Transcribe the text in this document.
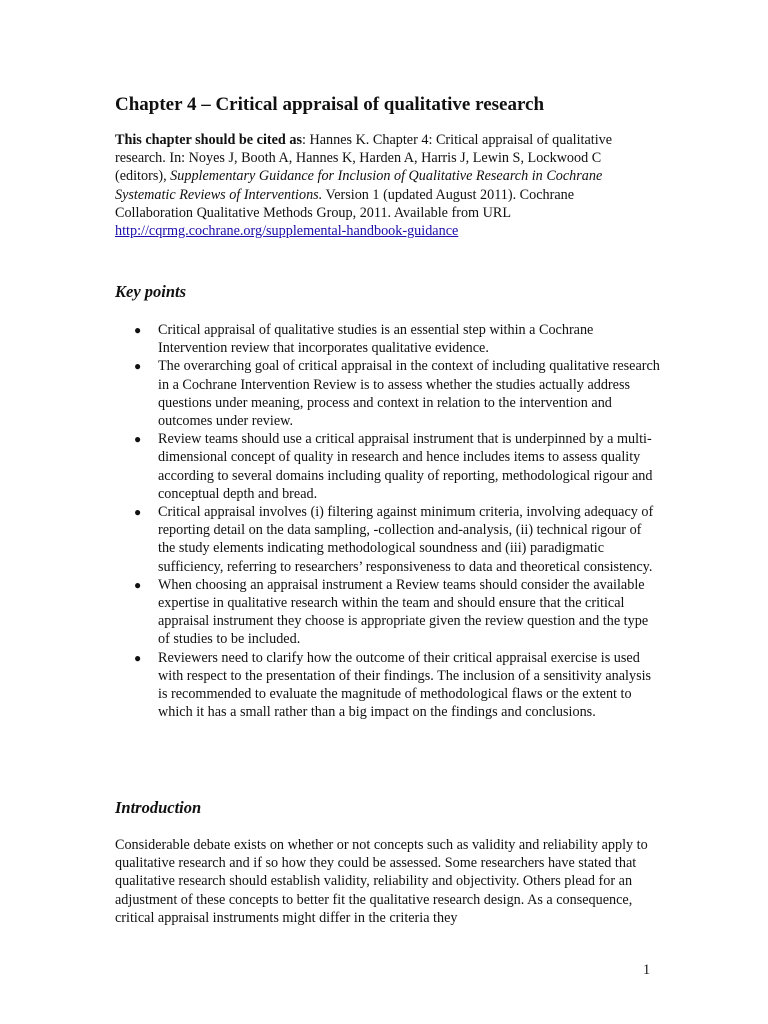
Chapter 4 – Critical appraisal of qualitative research

This chapter should be cited as: Hannes K. Chapter 4: Critical appraisal of qualitative research. In: Noyes J, Booth A, Hannes K, Harden A, Harris J, Lewin S, Lockwood C (editors), Supplementary Guidance for Inclusion of Qualitative Research in Cochrane Systematic Reviews of Interventions. Version 1 (updated August 2011). Cochrane Collaboration Qualitative Methods Group, 2011. Available from URL http://cqrmg.cochrane.org/supplemental-handbook-guidance

Key points
● Critical appraisal of qualitative studies is an essential step within a Cochrane Intervention review that incorporates qualitative evidence.
● The overarching goal of critical appraisal in the context of including qualitative research in a Cochrane Intervention Review is to assess whether the studies actually address questions under meaning, process and context in relation to the intervention and outcomes under review.
● Review teams should use a critical appraisal instrument that is underpinned by a multi-dimensional concept of quality in research and hence includes items to assess quality according to several domains including quality of reporting, methodological rigour and conceptual depth and bread.
● Critical appraisal involves (i) filtering against minimum criteria, involving adequacy of reporting detail on the data sampling, -collection and-analysis, (ii) technical rigour of the study elements indicating methodological soundness and (iii) paradigmatic sufficiency, referring to researchers’ responsiveness to data and theoretical consistency.
● When choosing an appraisal instrument a Review teams should consider the available expertise in qualitative research within the team and should ensure that the critical appraisal instrument they choose is appropriate given the review question and the type of studies to be included.
● Reviewers need to clarify how the outcome of their critical appraisal exercise is used with respect to the presentation of their findings. The inclusion of a sensitivity analysis is recommended to evaluate the magnitude of methodological flaws or the extent to which it has a small rather than a big impact on the findings and conclusions.
Introduction

Considerable debate exists on whether or not concepts such as validity and reliability apply to qualitative research and if so how they could be assessed. Some researchers have stated that qualitative research should establish validity, reliability and objectivity. Others plead for an adjustment of these concepts to better fit the qualitative research design. As a consequence, critical appraisal instruments might differ in the criteria they

1
